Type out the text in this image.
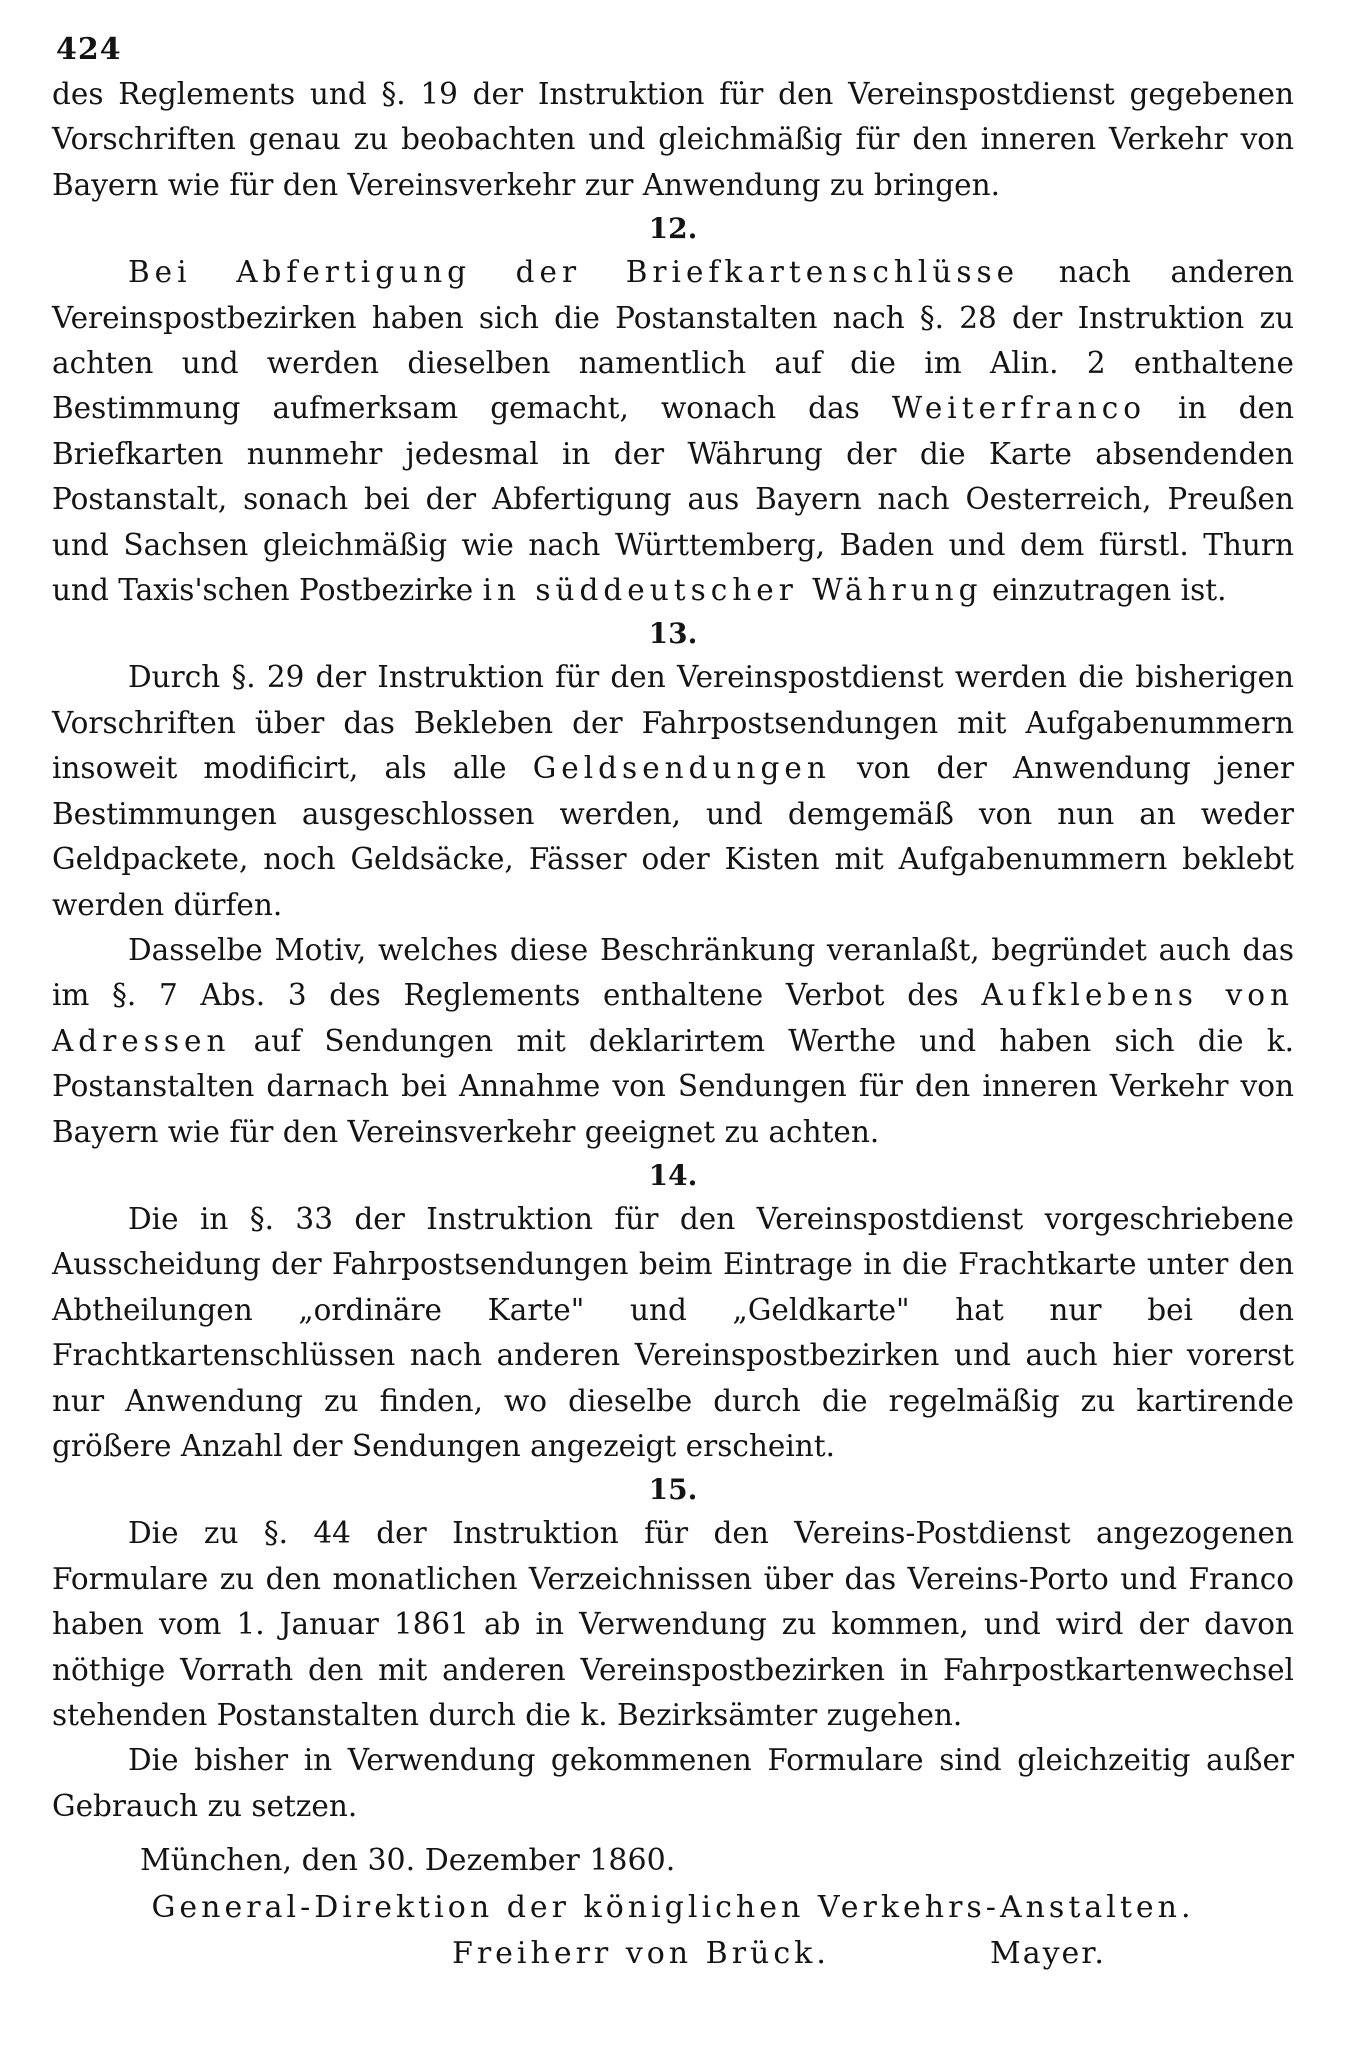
424

des Reglements und §. 19 der Instruktion für den Vereinspostdienst gegebenen Vorschriften genau zu beobachten und gleichmäßig für den inneren Verkehr von Bayern wie für den Vereinsverkehr zur Anwendung zu bringen.

12.

Bei Abfertigung der Briefkartenschlüsse nach anderen Vereinspostbezirken haben sich die Postanstalten nach §. 28 der Instruktion zu achten und werden dieselben namentlich auf die im Alin. 2 enthaltene Bestimmung aufmerksam gemacht, wonach das Weiterfranco in den Briefkarten nunmehr jedesmal in der Währung der die Karte absendenden Postanstalt, sonach bei der Abfertigung aus Bayern nach Oesterreich, Preußen und Sachsen gleichmäßig wie nach Württemberg, Baden und dem fürstl. Thurn und Taxis'schen Postbezirke in süddeutscher Währung einzutragen ist.

13.

Durch §. 29 der Instruktion für den Vereinspostdienst werden die bisherigen Vorschriften über das Bekleben der Fahrpostsendungen mit Aufgabenummern insoweit modificirt, als alle Geldsendungen von der Anwendung jener Bestimmungen ausgeschlossen werden, und demgemäß von nun an weder Geldpackete, noch Geldsäcke, Fässer oder Kisten mit Aufgabenummern beklebt werden dürfen.

Dasselbe Motiv, welches diese Beschränkung veranlaßt, begründet auch das im §. 7 Abs. 3 des Reglements enthaltene Verbot des Aufklebens von Adressen auf Sendungen mit deklarirtem Werthe und haben sich die k. Postanstalten darnach bei Annahme von Sendungen für den inneren Verkehr von Bayern wie für den Vereinsverkehr geeignet zu achten.

14.

Die in §. 33 der Instruktion für den Vereinspostdienst vorgeschriebene Ausscheidung der Fahrpostsendungen beim Eintrage in die Frachtkarte unter den Abtheilungen „ordinäre Karte" und „Geldkarte" hat nur bei den Frachtkartenschlüssen nach anderen Vereinspostbezirken und auch hier vorerst nur Anwendung zu finden, wo dieselbe durch die regelmäßig zu kartirende größere Anzahl der Sendungen angezeigt erscheint.

15.

Die zu §. 44 der Instruktion für den Vereins-Postdienst angezogenen Formulare zu den monatlichen Verzeichnissen über das Vereins-Porto und Franco haben vom 1. Januar 1861 ab in Verwendung zu kommen, und wird der davon nöthige Vorrath den mit anderen Vereinspostbezirken in Fahrpostkartenwechsel stehenden Postanstalten durch die k. Bezirksämter zugehen.

Die bisher in Verwendung gekommenen Formulare sind gleichzeitig außer Gebrauch zu setzen.

München, den 30. Dezember 1860.
General-Direktion der königlichen Verkehrs-Anstalten.
Freiherr von Brück.	Mayer.
